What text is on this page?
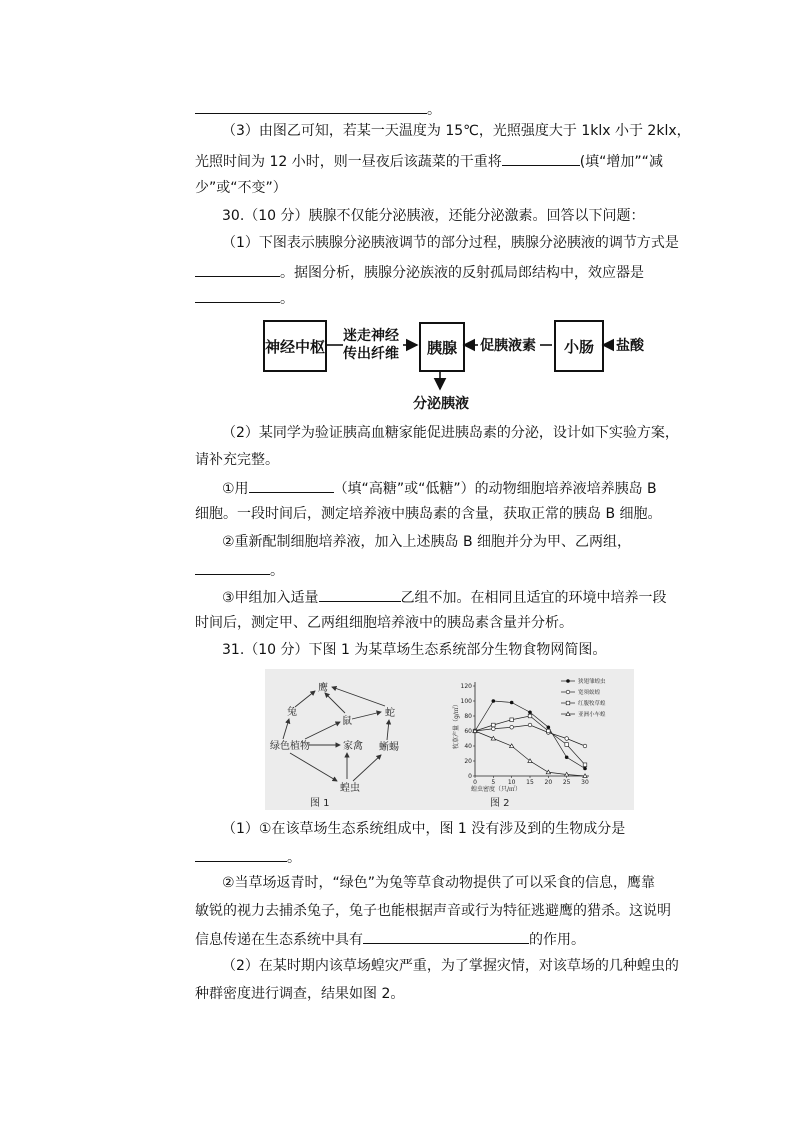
。
（3）由图乙可知，若某一天温度为 15℃，光照强度大于 1klx 小于 2klx，
光照时间为 12 小时，则一昼夜后该蔬菜的干重将	(填“增加”“减
少”或“不变”）
30.（10 分）胰腺不仅能分泌胰液，还能分泌激素。回答以下问题：
（1）下图表示胰腺分泌胰液调节的部分过程，胰腺分泌胰液的调节方式是
。据图分析，胰腺分泌族液的反射孤局郎结构中，效应器是
。
神经中枢
迷走神经
传出纤维	胰腺	促胰液素	小肠	盐酸
分泌胰液
（2）某同学为验证胰高血糖家能促进胰岛素的分泌，设计如下实验方案，
请补充完整。
①用	（填“高糖”或“低糖”）的动物细胞培养液培养胰岛 B
细胞。一段时间后，测定培养液中胰岛素的含量，获取正常的胰岛 B 细胞。
②重新配制细胞培养液，加入上述胰岛 B 细胞并分为甲、乙两组，
。
③甲组加入适量	乙组不加。在相同且适宜的环境中培养一段
时间后，测定甲、乙两组细胞培养液中的胰岛素含量并分析。
31.（10 分）下图 1 为某草场生态系统部分生物食物网简图。
鹰
兔
鼠
蛇
绿色植物	家禽 蜥蜴
蝗虫
图 1
0 5 10 15 20 25 30
0
20
40
60
80
100
120
狭翅雏蝗虫
宽须蚁蝗
红腹牧草蝗
亚洲小车蝗
蝗虫密度（只/㎡）
牧草产量（g/㎡）
图 2
（1）①在该草场生态系统组成中，图 1 没有涉及到的生物成分是
。
②当草场返青时，“绿色”为兔等草食动物提供了可以采食的信息，鹰靠
敏锐的视力去捕杀兔子，兔子也能根据声音或行为特征逃避鹰的猎杀。这说明
信息传递在生态系统中具有	的作用。
（2）在某时期内该草场蝗灾严重，为了掌握灾情，对该草场的几种蝗虫的
种群密度进行调查，结果如图 2。
